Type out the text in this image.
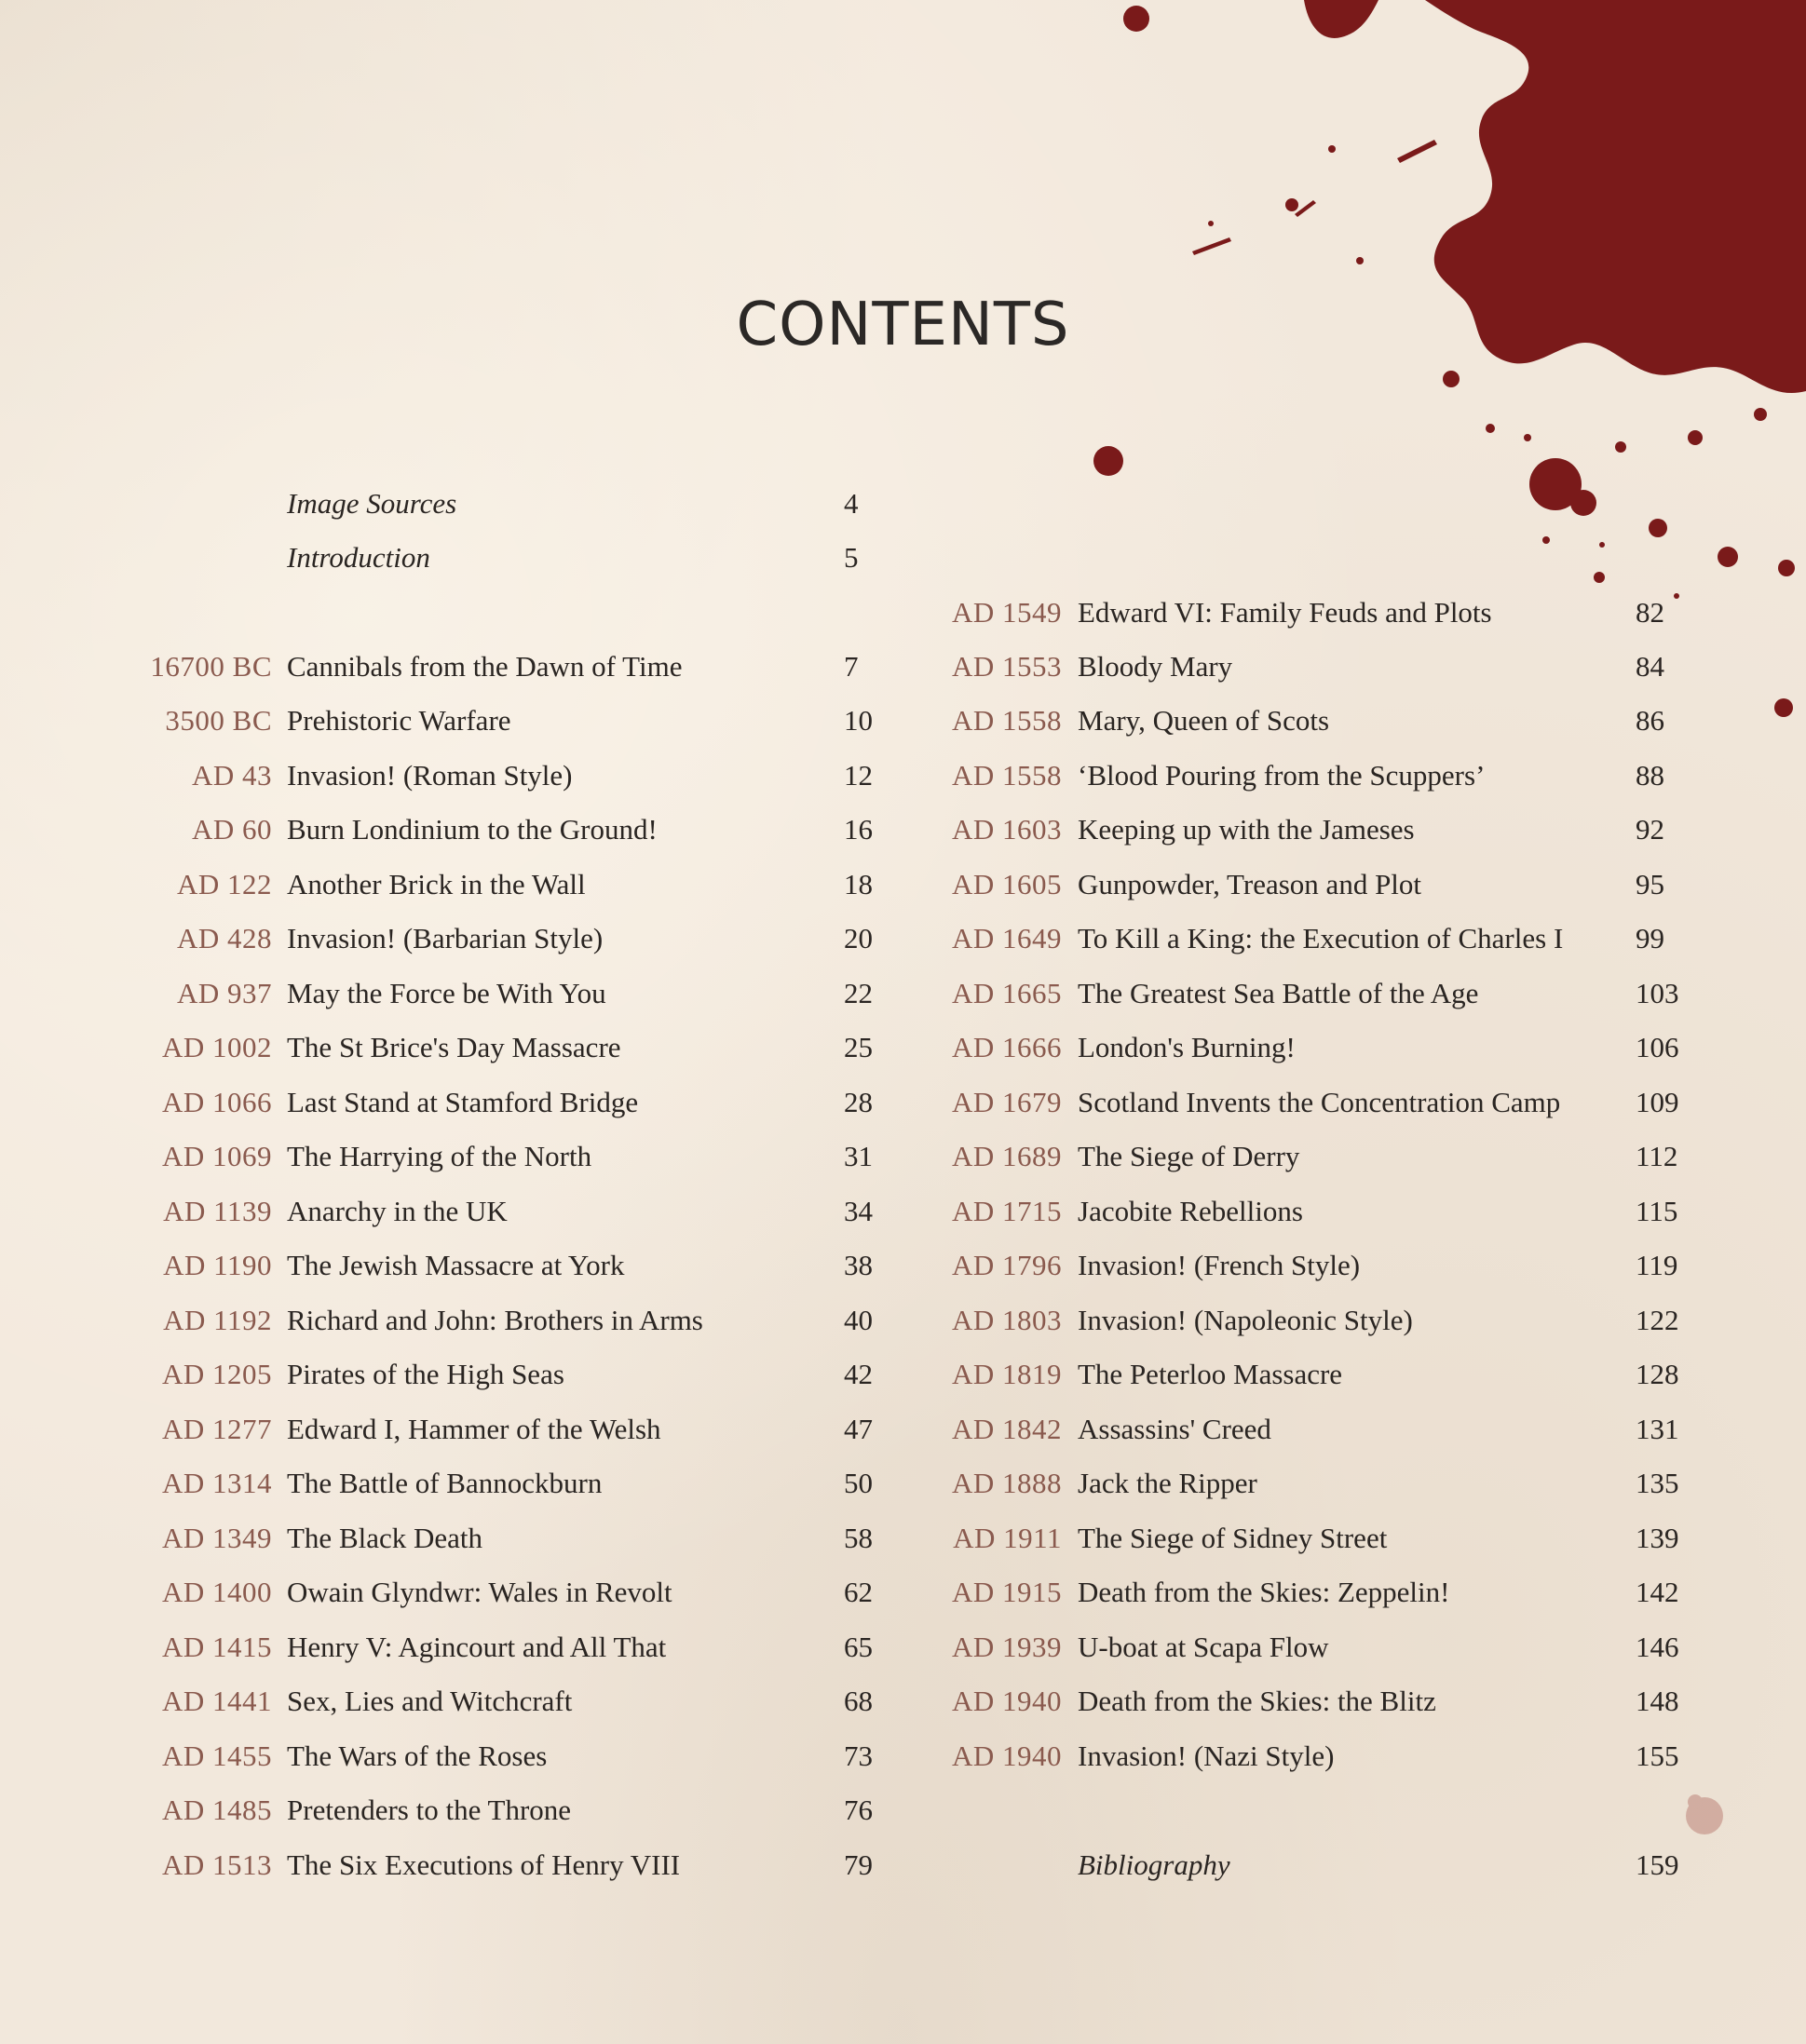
CONTENTS
Image Sources	4
Introduction	5
16700 BC Cannibals from the Dawn of Time	7
3500 BC Prehistoric Warfare	10
AD 43 Invasion! (Roman Style)	12
AD 60 Burn Londinium to the Ground!	16
AD 122 Another Brick in the Wall	18
AD 428 Invasion! (Barbarian Style)	20
AD 937 May the Force be With You	22
AD 1002 The St Brice's Day Massacre	25
AD 1066 Last Stand at Stamford Bridge	28
AD 1069 The Harrying of the North	31
AD 1139 Anarchy in the UK	34
AD 1190 The Jewish Massacre at York	38
AD 1192 Richard and John: Brothers in Arms	40
AD 1205 Pirates of the High Seas	42
AD 1277 Edward I, Hammer of the Welsh	47
AD 1314 The Battle of Bannockburn	50
AD 1349 The Black Death	58
AD 1400 Owain Glyndwr: Wales in Revolt	62
AD 1415 Henry V: Agincourt and All That	65
AD 1441 Sex, Lies and Witchcraft	68
AD 1455 The Wars of the Roses	73
AD 1485 Pretenders to the Throne	76
AD 1513 The Six Executions of Henry VIII	79
AD 1549 Edward VI: Family Feuds and Plots	82
AD 1553 Bloody Mary	84
AD 1558 Mary, Queen of Scots	86
AD 1558 ‘Blood Pouring from the Scuppers’	88
AD 1603 Keeping up with the Jameses	92
AD 1605 Gunpowder, Treason and Plot	95
AD 1649 To Kill a King: the Execution of Charles I	99
AD 1665 The Greatest Sea Battle of the Age	103
AD 1666 London's Burning!	106
AD 1679 Scotland Invents the Concentration Camp	109
AD 1689 The Siege of Derry	112
AD 1715 Jacobite Rebellions	115
AD 1796 Invasion! (French Style)	119
AD 1803 Invasion! (Napoleonic Style)	122
AD 1819 The Peterloo Massacre	128
AD 1842 Assassins' Creed	131
AD 1888 Jack the Ripper	135
AD 1911 The Siege of Sidney Street	139
AD 1915 Death from the Skies: Zeppelin!	142
AD 1939 U-boat at Scapa Flow	146
AD 1940 Death from the Skies: the Blitz	148
AD 1940 Invasion! (Nazi Style)	155
Bibliography	159
